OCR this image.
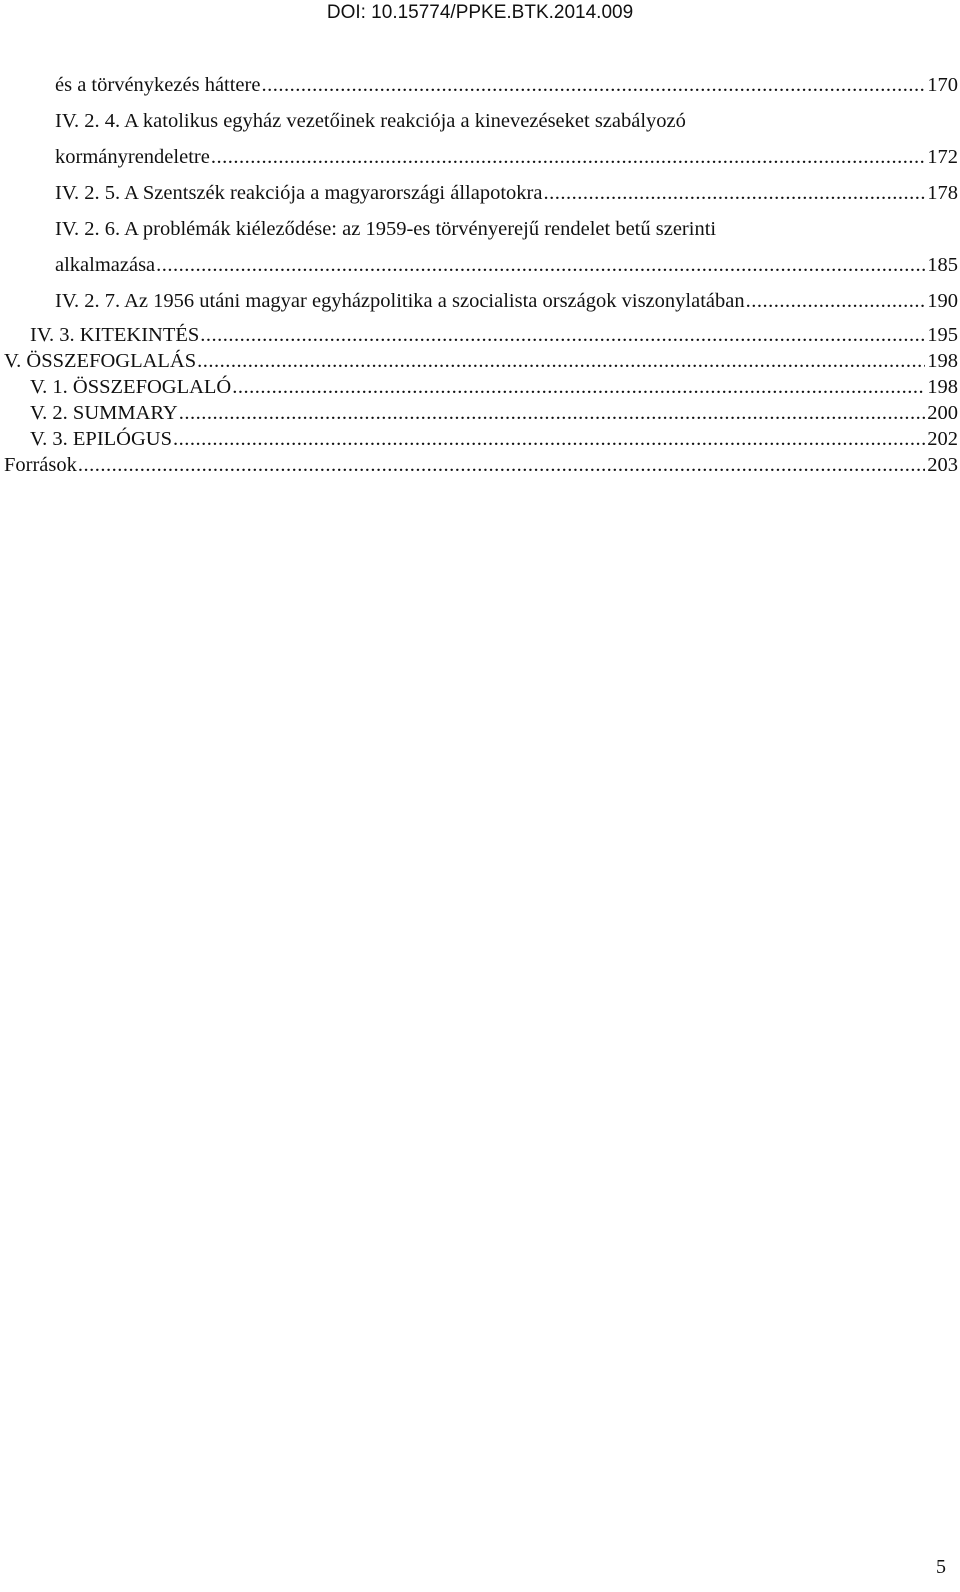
DOI: 10.15774/PPKE.BTK.2014.009
és a törvénykezés háttere .....	170
IV. 2. 4. A katolikus egyház vezetőinek reakciója a kinevezéseket szabályozó
kormányrendeletre .....	172
IV. 2. 5. A Szentszék reakciója a magyarországi állapotokra .....	178
IV. 2. 6. A problémák kiéleződése: az 1959-es törvényerejű rendelet betű szerinti
alkalmazása .....	185
IV. 2. 7. Az 1956 utáni magyar egyházpolitika a szocialista országok viszonylatában .....	190
IV. 3. KITEKINTÉS .....	195
V. ÖSSZEFOGLALÁS .....	198
V. 1. ÖSSZEFOGLALÓ .....	198
V. 2. SUMMARY .....	200
V. 3. EPILÓGUS .....	202
Források .....	203
5
